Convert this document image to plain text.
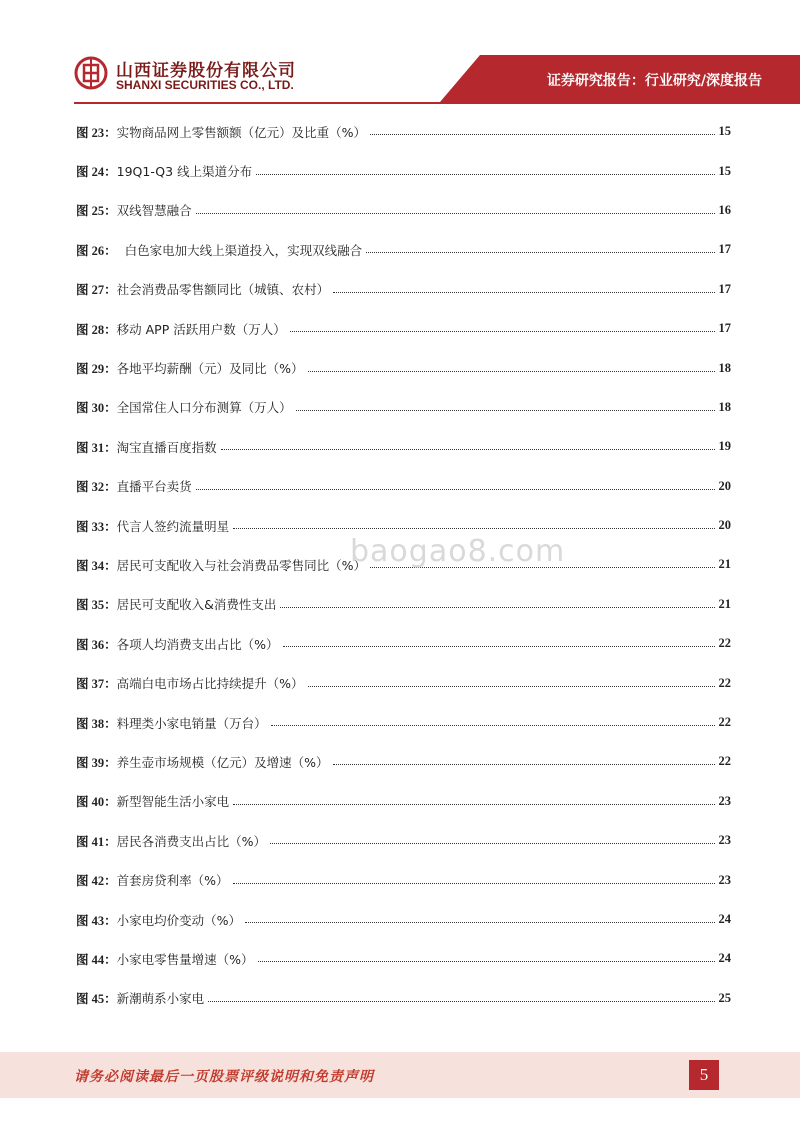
山西证券股份有限公司
SHANXI SECURITIES CO., LTD.	证券研究报告：行业研究/深度报告
图 23： 实物商品网上零售额额（亿元）及比重（%）	15
图 24： 19Q1-Q3 线上渠道分布	15
图 25： 双线智慧融合	16
图 26： 白色家电加大线上渠道投入，实现双线融合	17
图 27： 社会消费品零售额同比（城镇、农村）	17
图 28： 移动 APP 活跃用户数（万人）	17
图 29： 各地平均薪酬（元）及同比（%）	18
图 30： 全国常住人口分布测算（万人）	18
图 31： 淘宝直播百度指数	19
图 32： 直播平台卖货	20
图 33： 代言人签约流量明星	20
图 34： 居民可支配收入与社会消费品零售同比（%）	21
图 35： 居民可支配收入&消费性支出	21
图 36： 各项人均消费支出占比（%）	22
图 37： 高端白电市场占比持续提升（%）	22
图 38： 料理类小家电销量（万台）	22
图 39： 养生壶市场规模（亿元）及增速（%）	22
图 40： 新型智能生活小家电	23
图 41： 居民各消费支出占比（%）	23
图 42： 首套房贷利率（%）	23
图 43： 小家电均价变动（%）	24
图 44： 小家电零售量增速（%）	24
图 45： 新潮萌系小家电	25
baogao8.com
请务必阅读最后一页股票评级说明和免责声明	5
